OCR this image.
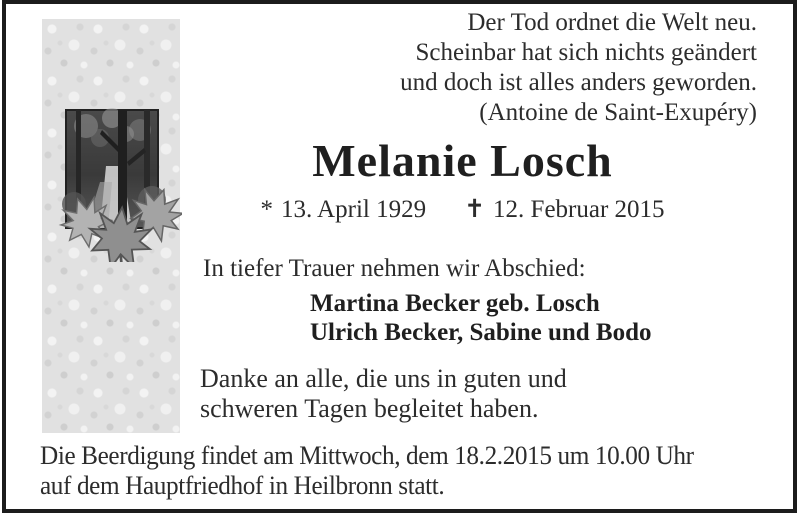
Der Tod ordnet die Welt neu.
Scheinbar hat sich nichts geändert
und doch ist alles anders geworden.
(Antoine de Saint-Exupéry)
Melanie Losch
* 13. April 1929 ✝ 12. Februar 2015
In tiefer Trauer nehmen wir Abschied:
Martina Becker geb. Losch
Ulrich Becker, Sabine und Bodo
Danke an alle, die uns in guten und
schweren Tagen begleitet haben.
Die Beerdigung findet am Mittwoch, dem 18.2.2015 um 10.00 Uhr
auf dem Hauptfriedhof in Heilbronn statt.
